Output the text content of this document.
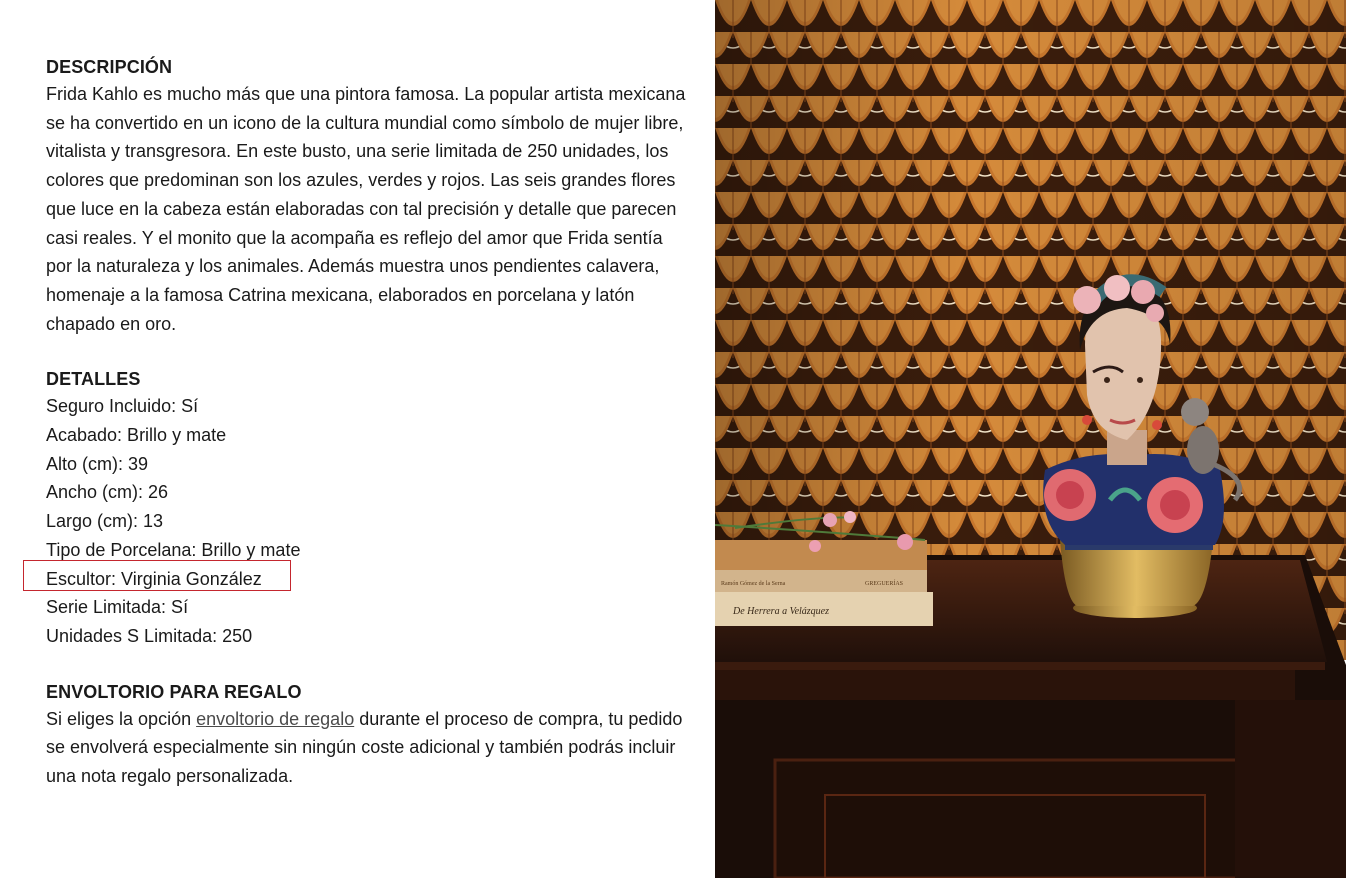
DESCRIPCIÓN

Frida Kahlo es mucho más que una pintora famosa. La popular artista mexicana se ha convertido en un icono de la cultura mundial como símbolo de mujer libre, vitalista y transgresora. En este busto, una serie limitada de 250 unidades, los colores que predominan son los azules, verdes y rojos. Las seis grandes flores que luce en la cabeza están elaboradas con tal precisión y detalle que parecen casi reales. Y el monito que la acompaña es reflejo del amor que Frida sentía por la naturaleza y los animales. Además muestra unos pendientes calavera, homenaje a la famosa Catrina mexicana, elaborados en porcelana y latón chapado en oro.

DETALLES
Seguro Incluido: Sí
Acabado: Brillo y mate
Alto (cm): 39
Ancho (cm): 26
Largo (cm): 13
Tipo de Porcelana: Brillo y mate
Escultor: Virginia González
Serie Limitada: Sí
Unidades S Limitada: 250
ENVOLTORIO PARA REGALO

Si eliges la opción envoltorio de regalo durante el proceso de compra, tu pedido se envolverá especialmente sin ningún coste adicional y también podrás incluir una nota regalo personalizada.

Ramón Gómez de la Serna	GREGUERÍAS
De Herrera a Velázquez
